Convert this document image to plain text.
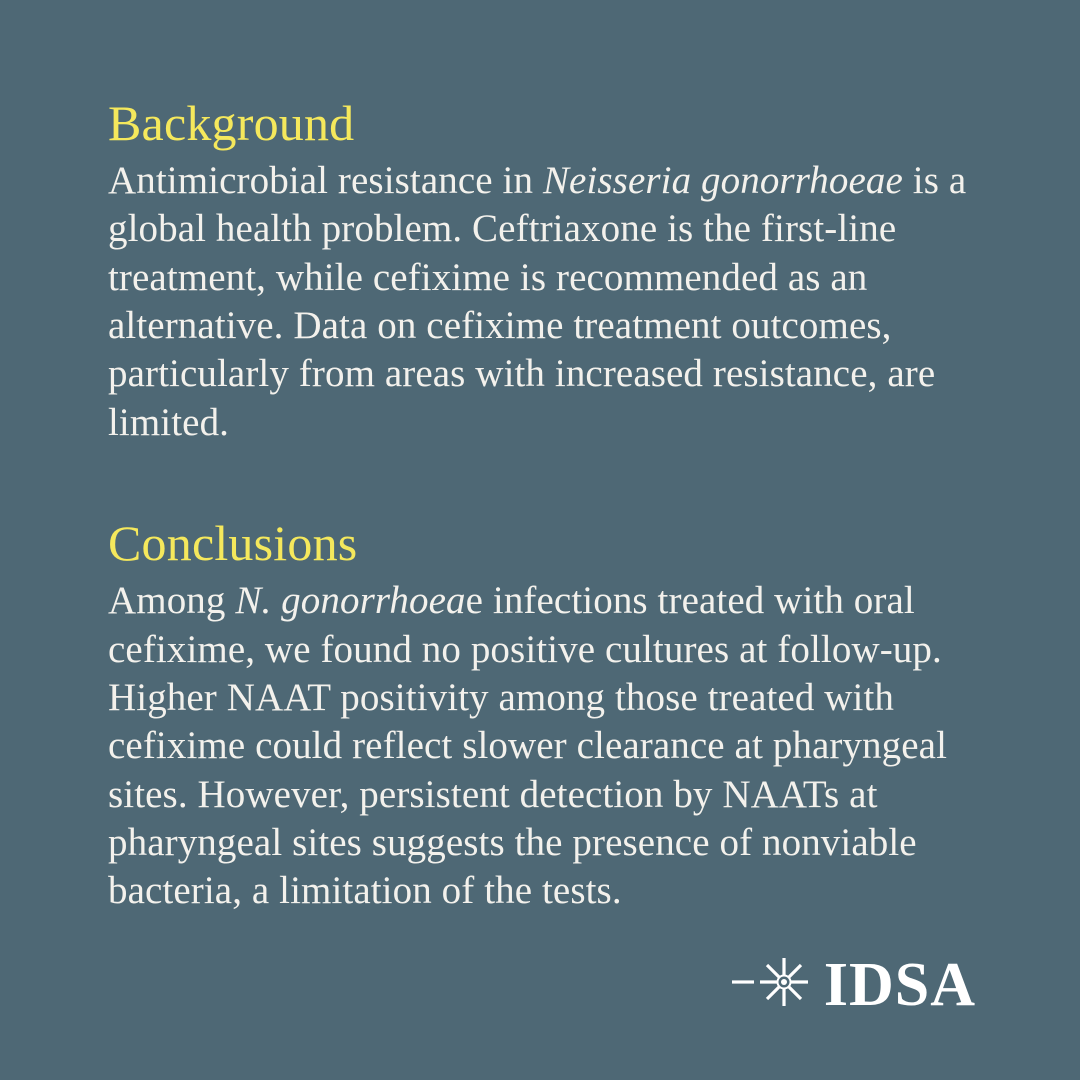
Background

Antimicrobial resistance in Neisseria gonorrhoeae is a global health problem. Ceftriaxone is the first-line treatment, while cefixime is recommended as an alternative. Data on cefixime treatment outcomes, particularly from areas with increased resistance, are limited.

Conclusions

Among N. gonorrhoeae infections treated with oral cefixime, we found no positive cultures at follow-up. Higher NAAT positivity among those treated with cefixime could reflect slower clearance at pharyngeal sites. However, persistent detection by NAATs at pharyngeal sites suggests the presence of nonviable bacteria, a limitation of the tests.

IDSA
